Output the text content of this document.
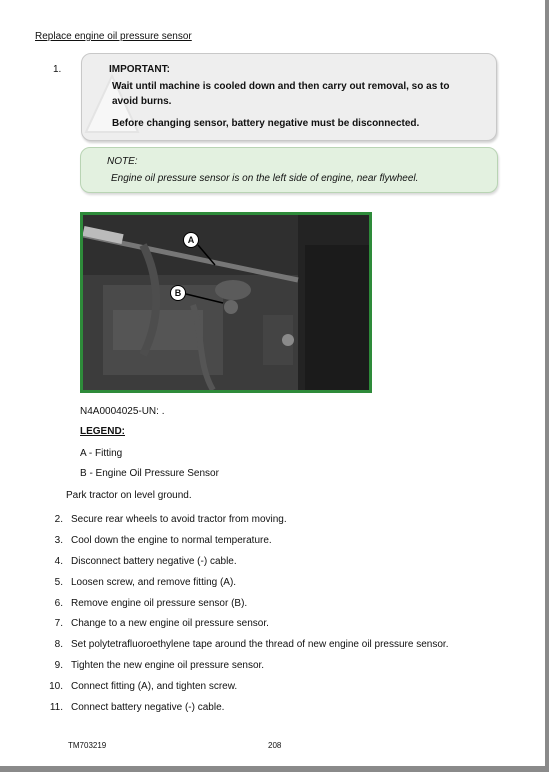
Replace engine oil pressure sensor
1.	IMPORTANT:
Wait until machine is cooled down and then carry out removal, so as to
avoid burns.
Before changing sensor, battery negative must be disconnected.
NOTE:
Engine oil pressure sensor is on the left side of engine, near flywheel.
A
B
N4A0004025-UN: .
LEGEND:
A - Fitting
B - Engine Oil Pressure Sensor
Park tractor on level ground.
2. Secure rear wheels to avoid tractor from moving.
3. Cool down the engine to normal temperature.
4. Disconnect battery negative (-) cable.
5. Loosen screw, and remove fitting (A).
6. Remove engine oil pressure sensor (B).
7. Change to a new engine oil pressure sensor.
8. Set polytetrafluoroethylene tape around the thread of new engine oil pressure sensor.
9. Tighten the new engine oil pressure sensor.
10. Connect fitting (A), and tighten screw.
11. Connect battery negative (-) cable.
TM703219	208
